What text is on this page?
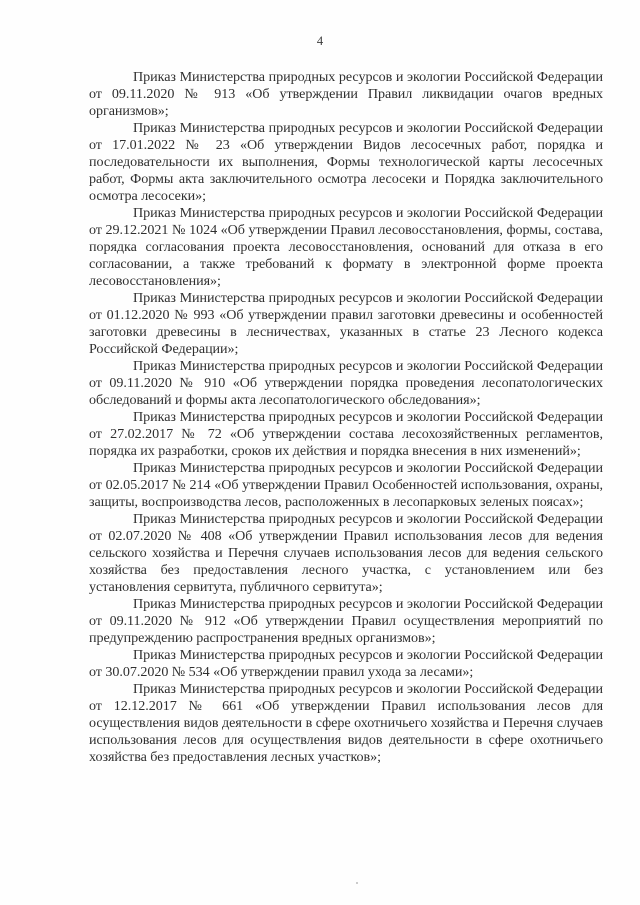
4

Приказ Министерства природных ресурсов и экологии Российской Федерации от 09.11.2020 № 913 «Об утверждении Правил ликвидации очагов вредных организмов»;

Приказ Министерства природных ресурсов и экологии Российской Федерации от 17.01.2022 № 23 «Об утверждении Видов лесосечных работ, порядка и последовательности их выполнения, Формы технологической карты лесосечных работ, Формы акта заключительного осмотра лесосеки и Порядка заключительного осмотра лесосеки»;

Приказ Министерства природных ресурсов и экологии Российской Федерации от 29.12.2021 № 1024 «Об утверждении Правил лесовосстановления, формы, состава, порядка согласования проекта лесовосстановления, оснований для отказа в его согласовании, а также требований к формату в электронной форме проекта лесовосстановления»;

Приказ Министерства природных ресурсов и экологии Российской Федерации от 01.12.2020 № 993 «Об утверждении правил заготовки древесины и особенностей заготовки древесины в лесничествах, указанных в статье 23 Лесного кодекса Российской Федерации»;

Приказ Министерства природных ресурсов и экологии Российской Федерации от 09.11.2020 № 910 «Об утверждении порядка проведения лесопатологических обследований и формы акта лесопатологического обследования»;

Приказ Министерства природных ресурсов и экологии Российской Федерации от 27.02.2017 № 72 «Об утверждении состава лесохозяйственных регламентов, порядка их разработки, сроков их действия и порядка внесения в них изменений»;

Приказ Министерства природных ресурсов и экологии Российской Федерации от 02.05.2017 № 214 «Об утверждении Правил Особенностей использования, охраны, защиты, воспроизводства лесов, расположенных в лесопарковых зеленых поясах»;

Приказ Министерства природных ресурсов и экологии Российской Федерации от 02.07.2020 № 408 «Об утверждении Правил использования лесов для ведения сельского хозяйства и Перечня случаев использования лесов для ведения сельского хозяйства без предоставления лесного участка, с установлением или без установления сервитута, публичного сервитута»;

Приказ Министерства природных ресурсов и экологии Российской Федерации от 09.11.2020 № 912 «Об утверждении Правил осуществления мероприятий по предупреждению распространения вредных организмов»;

Приказ Министерства природных ресурсов и экологии Российской Федерации от 30.07.2020 № 534 «Об утверждении правил ухода за лесами»;

Приказ Министерства природных ресурсов и экологии Российской Федерации от 12.12.2017 № 661 «Об утверждении Правил использования лесов для осуществления видов деятельности в сфере охотничьего хозяйства и Перечня случаев использования лесов для осуществления видов деятельности в сфере охотничьего хозяйства без предоставления лесных участков»;
